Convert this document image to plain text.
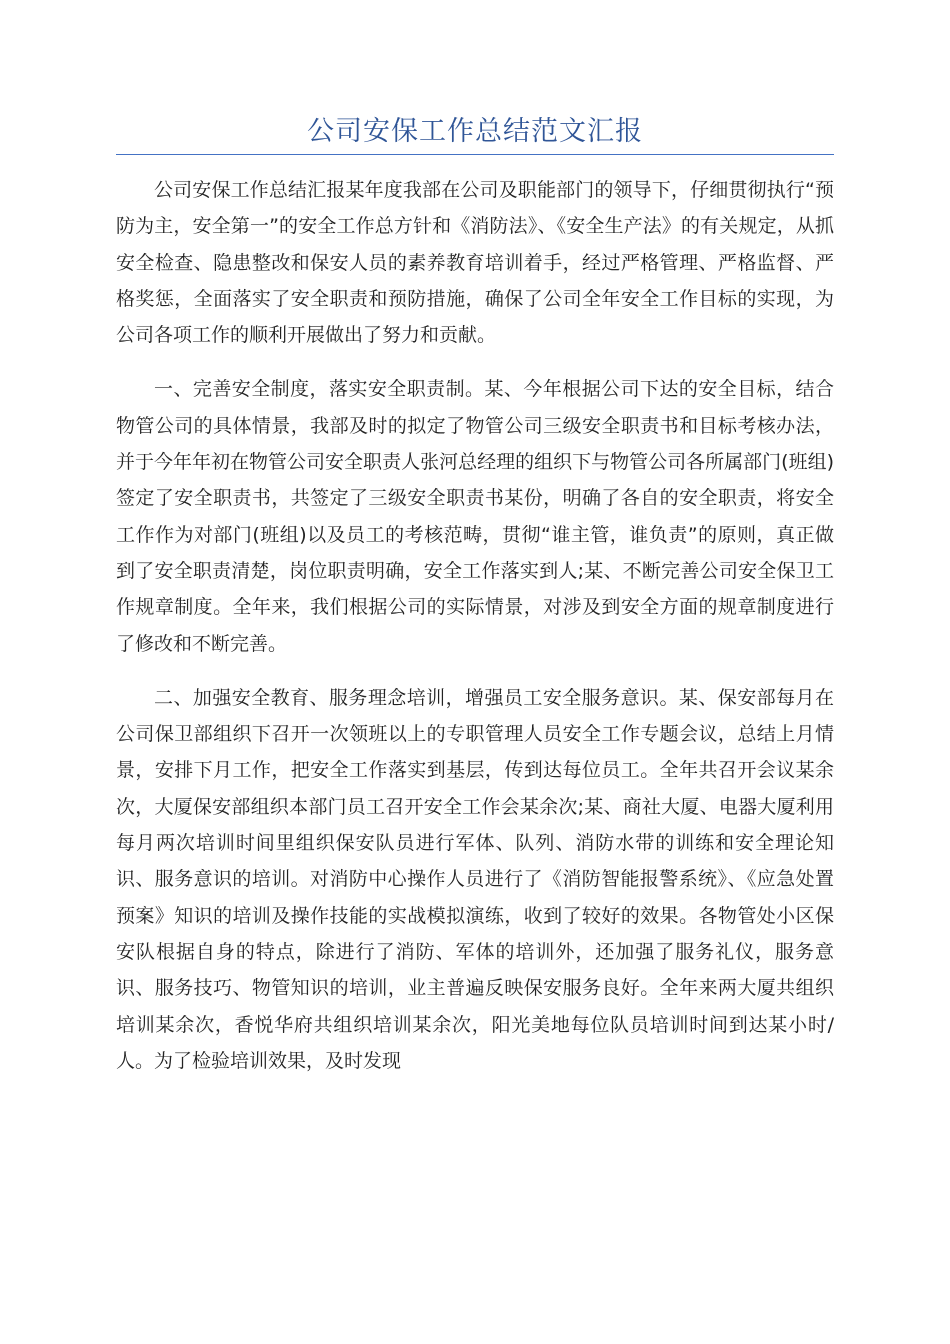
公司安保工作总结范文汇报

公司安保工作总结汇报某年度我部在公司及职能部门的领导下，仔细贯彻执行“预防为主，安全第一”的安全工作总方针和《消防法》、《安全生产法》的有关规定，从抓安全检查、隐患整改和保安人员的素养教育培训着手，经过严格管理、严格监督、严格奖惩，全面落实了安全职责和预防措施，确保了公司全年安全工作目标的实现，为公司各项工作的顺利开展做出了努力和贡献。

一、完善安全制度，落实安全职责制。某、今年根据公司下达的安全目标，结合物管公司的具体情景，我部及时的拟定了物管公司三级安全职责书和目标考核办法，并于今年年初在物管公司安全职责人张河总经理的组织下与物管公司各所属部门(班组)签定了安全职责书，共签定了三级安全职责书某份，明确了各自的安全职责，将安全工作作为对部门(班组)以及员工的考核范畴，贯彻“谁主管，谁负责”的原则，真正做到了安全职责清楚，岗位职责明确，安全工作落实到人;某、不断完善公司安全保卫工作规章制度。全年来，我们根据公司的实际情景，对涉及到安全方面的规章制度进行了修改和不断完善。

二、加强安全教育、服务理念培训，增强员工安全服务意识。某、保安部每月在公司保卫部组织下召开一次领班以上的专职管理人员安全工作专题会议，总结上月情景，安排下月工作，把安全工作落实到基层，传到达每位员工。全年共召开会议某余次，大厦保安部组织本部门员工召开安全工作会某余次;某、商社大厦、电器大厦利用每月两次培训时间里组织保安队员进行军体、队列、消防水带的训练和安全理论知识、服务意识的培训。对消防中心操作人员进行了《消防智能报警系统》、《应急处置预案》知识的培训及操作技能的实战模拟演练，收到了较好的效果。各物管处小区保安队根据自身的特点，除进行了消防、军体的培训外，还加强了服务礼仪，服务意识、服务技巧、物管知识的培训，业主普遍反映保安服务良好。全年来两大厦共组织培训某余次，香悦华府共组织培训某余次，阳光美地每位队员培训时间到达某小时/人。为了检验培训效果，及时发现
